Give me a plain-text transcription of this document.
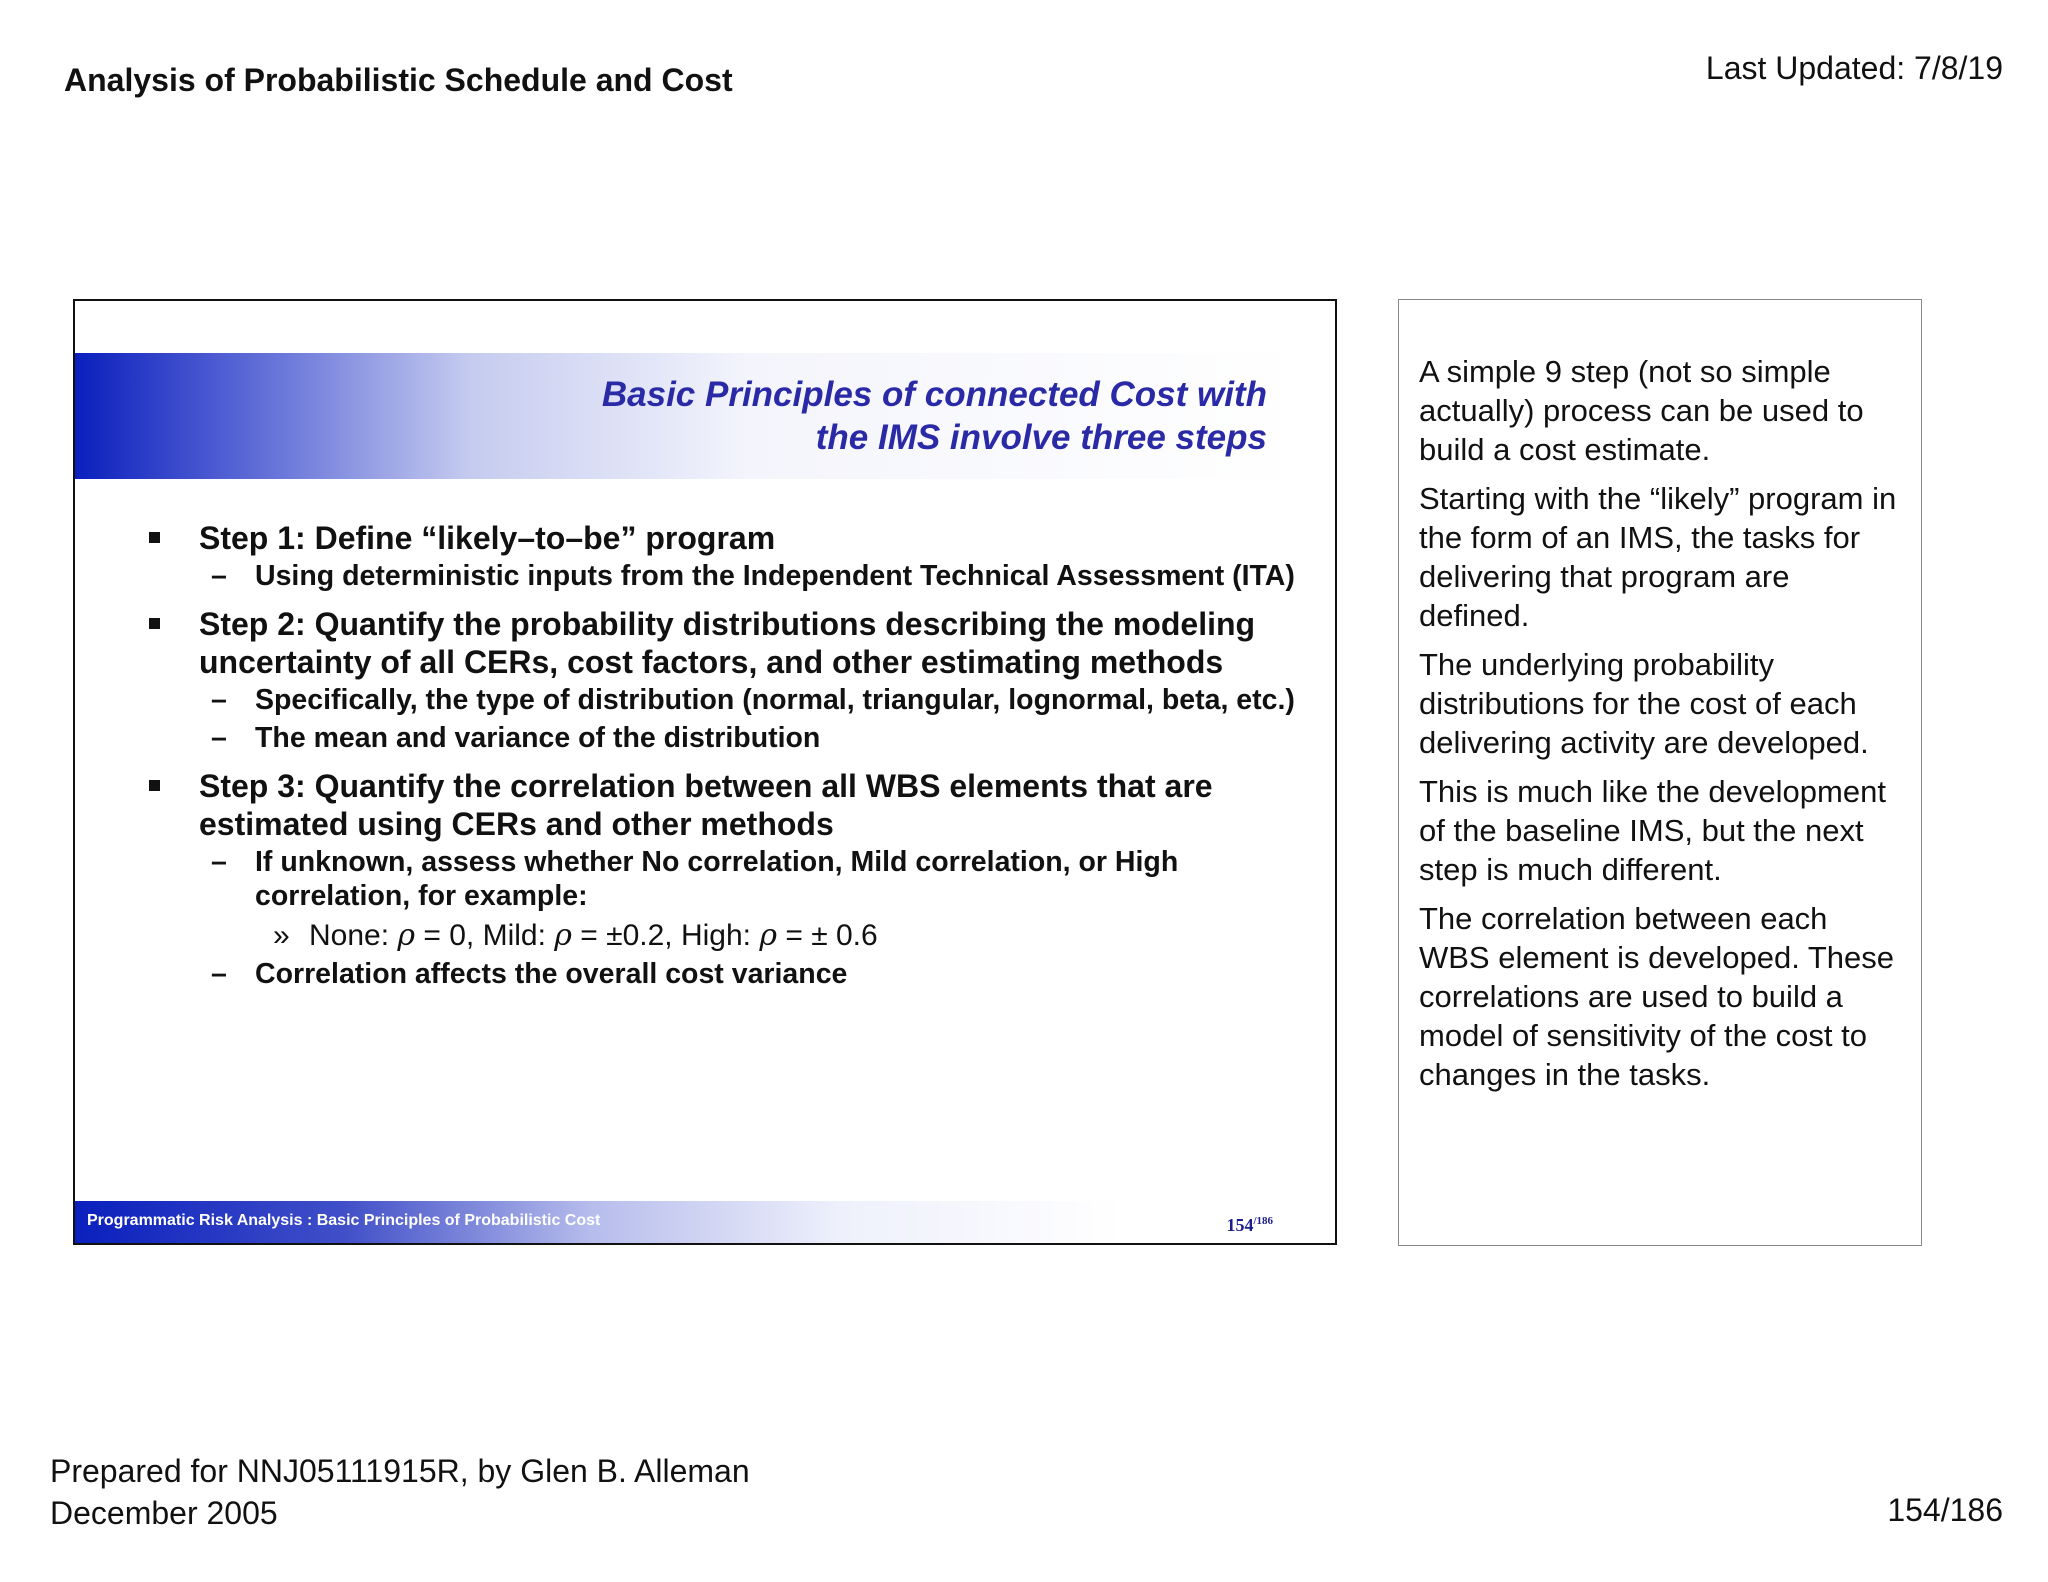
Analysis of Probabilistic Schedule and Cost	Last Updated: 7/8/19
Basic Principles of connected Cost with
the IMS involve three steps
Step 1: Define “likely–to–be” program
– Using deterministic inputs from the Independent Technical Assessment (ITA)
Step 2: Quantify the probability distributions describing the modeling uncertainty of all CERs, cost factors, and other estimating methods
– Specifically, the type of distribution (normal, triangular, lognormal, beta, etc.)
– The mean and variance of the distribution
Step 3: Quantify the correlation between all WBS elements that are estimated using CERs and other methods
– If unknown, assess whether No correlation, Mild correlation, or High correlation, for example:
» None: ρ = 0, Mild: ρ = ±0.2, High: ρ = ± 0.6
– Correlation affects the overall cost variance
Programmatic Risk Analysis : Basic Principles of Probabilistic Cost	$154^{/186}$

A simple 9 step (not so simple actually) process can be used to build a cost estimate.

Starting with the “likely” program in the form of an IMS, the tasks for delivering that program are defined.

The underlying probability distributions for the cost of each delivering activity are developed.

This is much like the development of the baseline IMS, but the next step is much different.

The correlation between each WBS element is developed. These correlations are used to build a model of sensitivity of the cost to changes in the tasks.

Prepared for NNJ05111915R, by Glen B. Alleman
December 2005	154/186
